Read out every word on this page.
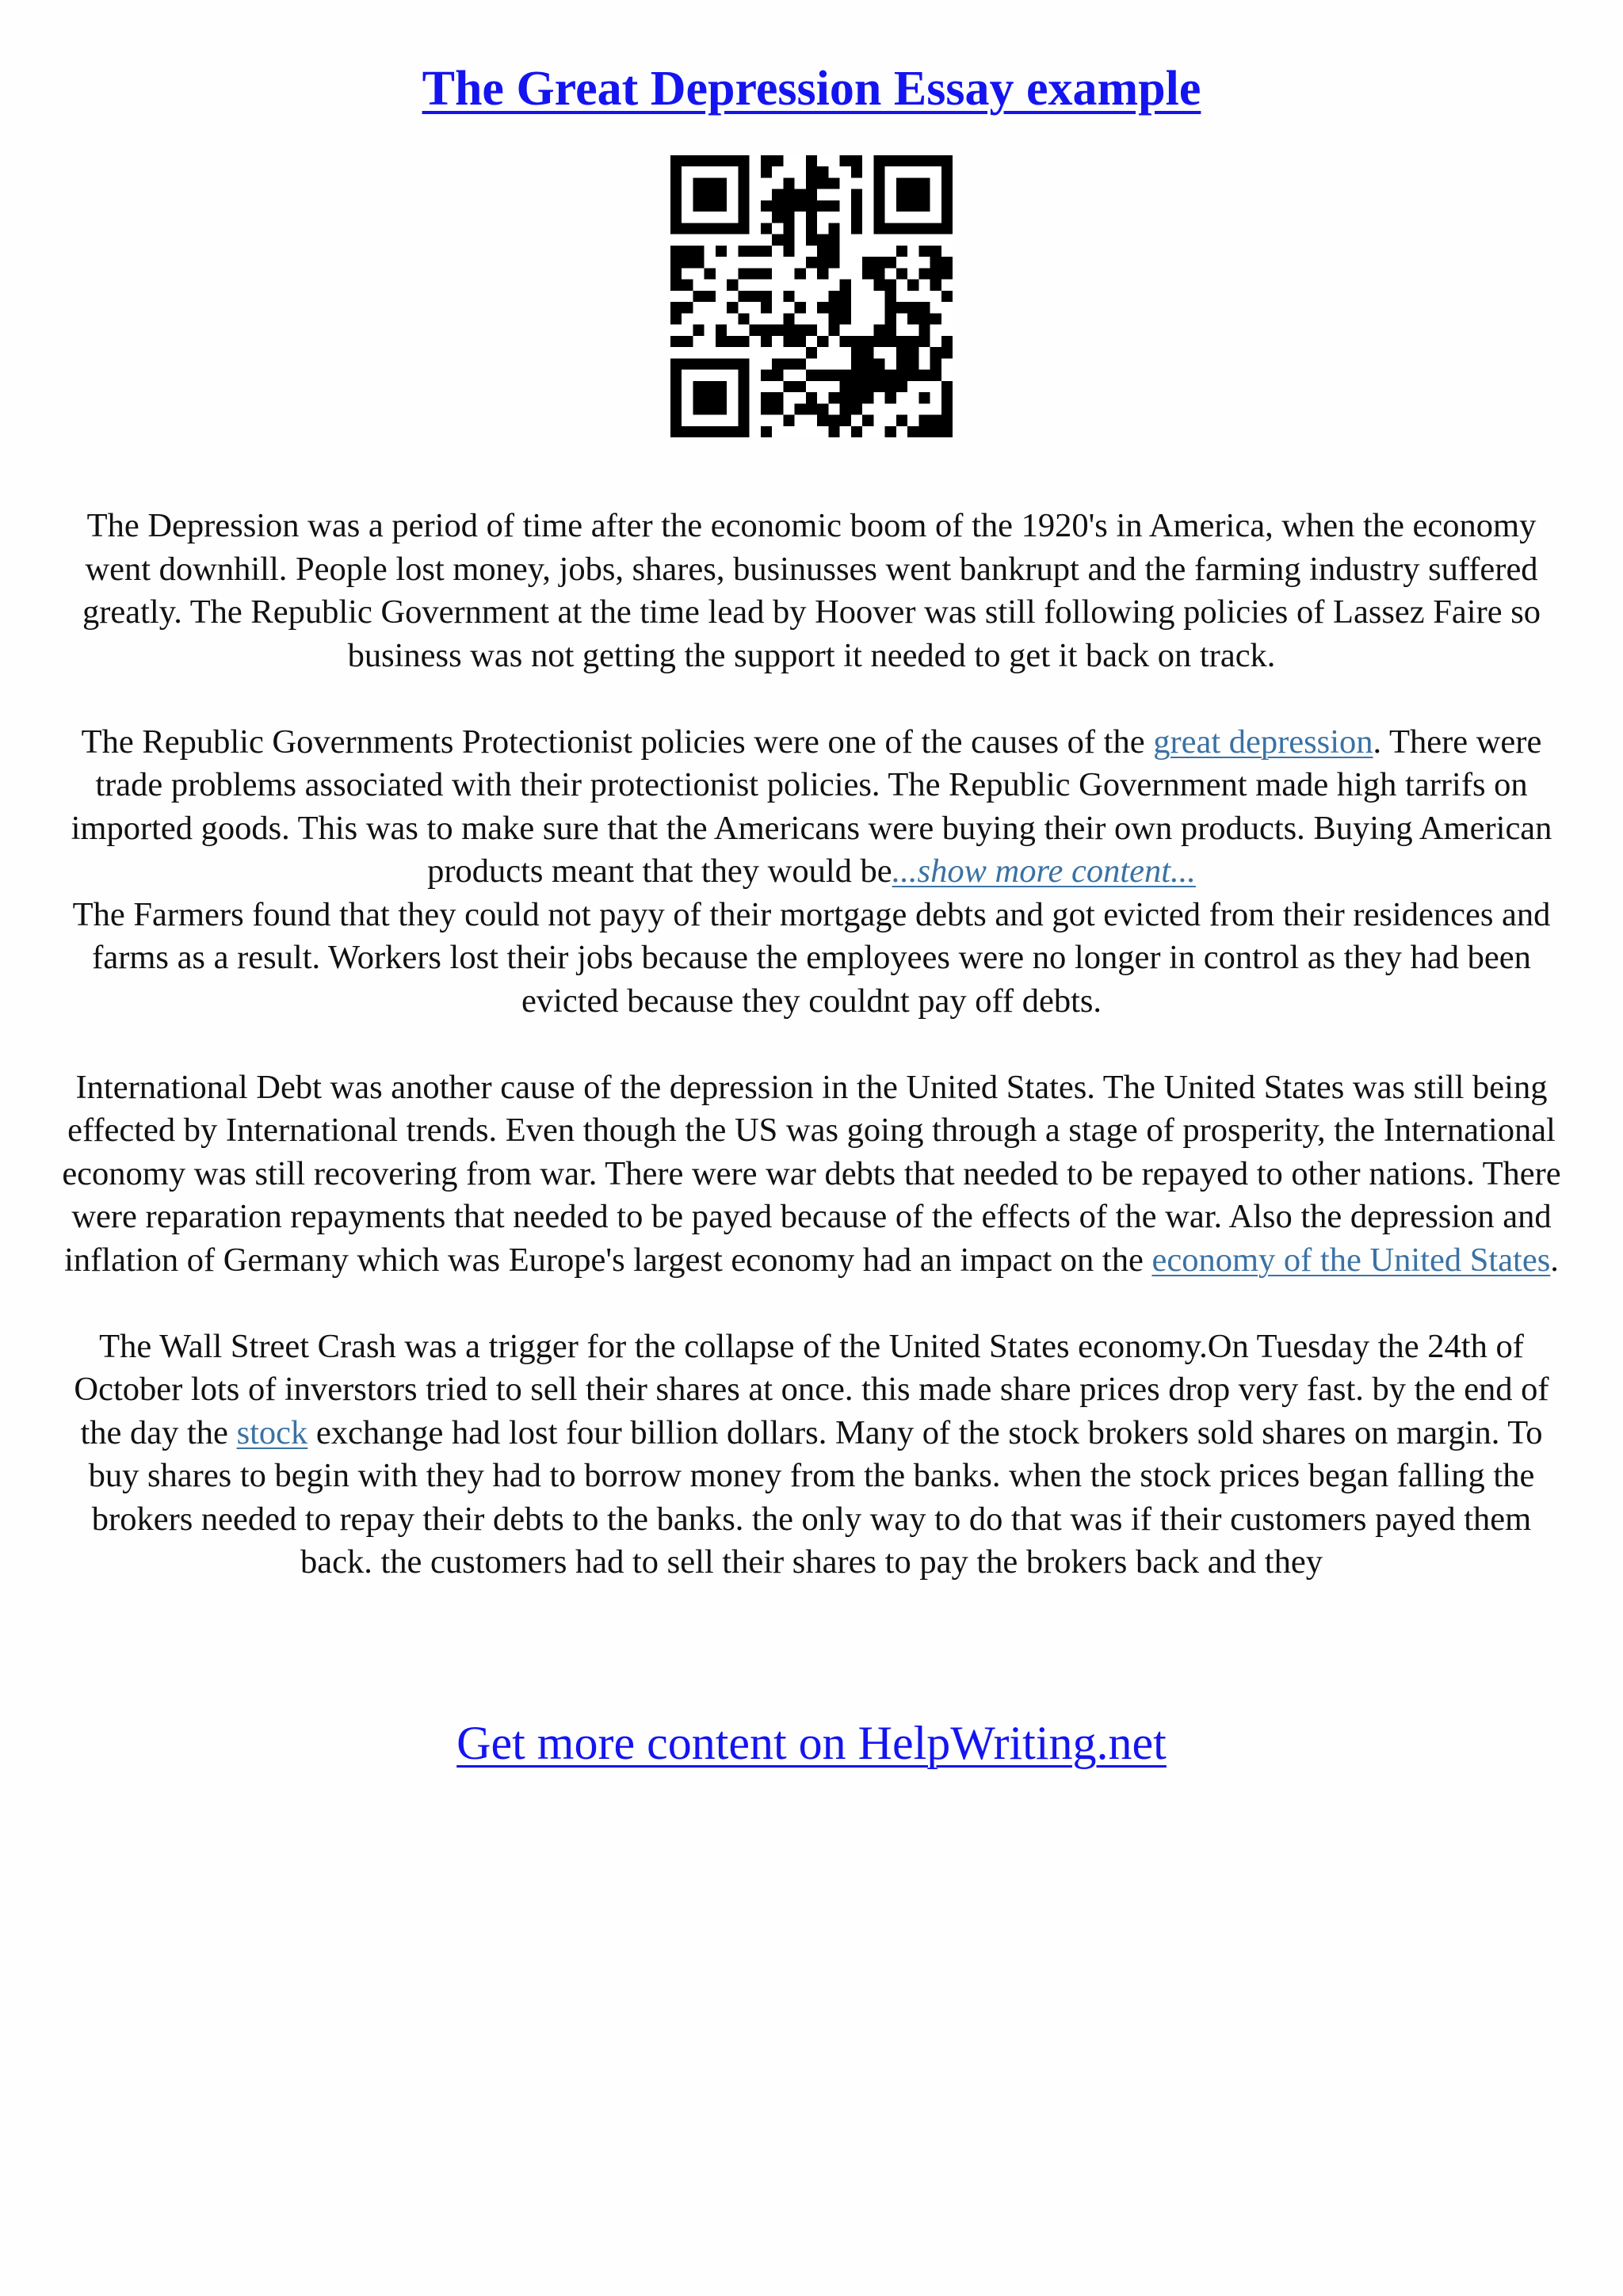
The Great Depression Essay example

The Depression was a period of time after the economic boom of the 1920's in America, when the economy went downhill. People lost money, jobs, shares, businusses went bankrupt and the farming industry suffered greatly. The Republic Government at the time lead by Hoover was still following policies of Lassez Faire so business was not getting the support it needed to get it back on track.

The Republic Governments Protectionist policies were one of the causes of the great depression. There were trade problems associated with their protectionist policies. The Republic Government made high tarrifs on imported goods. This was to make sure that the Americans were buying their own products. Buying American products meant that they would be...show more content...

The Farmers found that they could not payy of their mortgage debts and got evicted from their residences and farms as a result. Workers lost their jobs because the employees were no longer in control as they had been evicted because they couldnt pay off debts.

International Debt was another cause of the depression in the United States. The United States was still being effected by International trends. Even though the US was going through a stage of prosperity, the International economy was still recovering from war. There were war debts that needed to be repayed to other nations. There were reparation repayments that needed to be payed because of the effects of the war. Also the depression and inflation of Germany which was Europe's largest economy had an impact on the economy of the United States.

The Wall Street Crash was a trigger for the collapse of the United States economy.On Tuesday the 24th of October lots of inverstors tried to sell their shares at once. this made share prices drop very fast. by the end of the day the stock exchange had lost four billion dollars. Many of the stock brokers sold shares on margin. To buy shares to begin with they had to borrow money from the banks. when the stock prices began falling the brokers needed to repay their debts to the banks. the only way to do that was if their customers payed them back. the customers had to sell their shares to pay the brokers back and they

Get more content on HelpWriting.net
